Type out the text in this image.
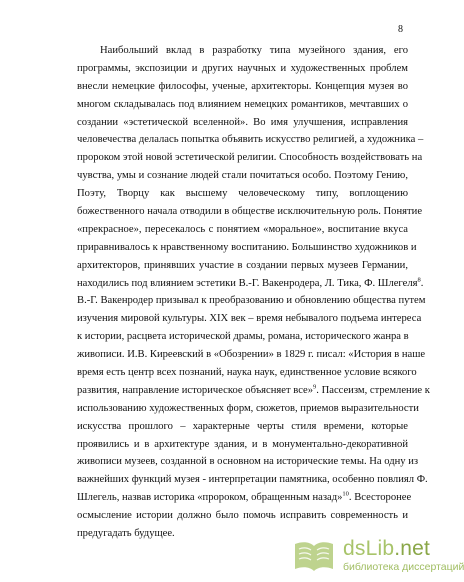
8
Наибольший вклад в разработку типа музейного здания, его
программы, экспозиции и других научных и художественных проблем
внесли немецкие философы, ученые, архитекторы. Концепция музея во
многом складывалась под влиянием немецких романтиков, мечтавших о
создании «эстетической вселенной». Во имя улучшения, исправления
человечества делалась попытка объявить искусство религией, а художника –
пророком этой новой эстетической религии. Способность воздействовать на
чувства, умы и сознание людей стали почитаться особо. Поэтому Гению,
Поэту, Творцу как высшему человеческому типу, воплощению
божественного начала отводили в обществе исключительную роль. Понятие
«прекрасное», пересекалось с понятием «моральное», воспитание вкуса
приравнивалось к нравственному воспитанию. Большинство художников и
архитекторов, принявших участие в создании первых музеев Германии,
находились под влиянием эстетики В.-Г. Вакенродера, Л. Тика, Ф. Шлегеля$^8$.
В.-Г. Вакенродер призывал к преобразованию и обновлению общества путем
изучения мировой культуры. XIX век – время небывалого подъема интереса
к истории, расцвета исторической драмы, романа, исторического жанра в
живописи. И.В. Киреевский в «Обозрении» в 1829 г. писал: «История в наше
время есть центр всех познаний, наука наук, единственное условие всякого
развития, направление историческое объясняет все»$^9$. Пассеизм, стремление к
использованию художественных форм, сюжетов, приемов выразительности
искусства прошлого – характерные черты стиля времени, которые
проявились и в архитектуре здания, и в монументально-декоративной
живописи музеев, созданной в основном на исторические темы. На одну из
важнейших функций музея - интерпретации памятника, особенно повлиял Ф.
Шлегель, назвав историка «пророком, обращенным назад»$^{10}$. Всесторонее
осмысление истории должно было помочь исправить современность и
предугадать будущее.
dsLib.net
библиотека диссертаций
